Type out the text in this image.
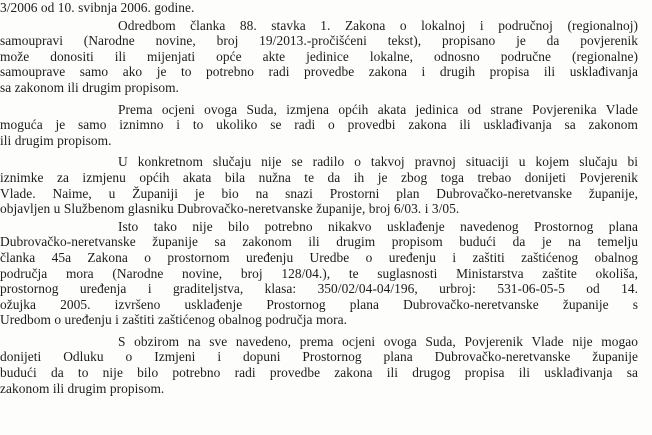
3/2006 od 10. svibnja 2006. godine.
Odredbom članka 88. stavka 1. Zakona o lokalnoj i područnoj (regionalnoj)
samoupravi (Narodne novine, broj 19/2013.-pročišćeni tekst), propisano je da povjerenik
može donositi ili mijenjati opće akte jedinice lokalne, odnosno područne (regionalne)
samouprave samo ako je to potrebno radi provedbe zakona i drugih propisa ili usklađivanja
sa zakonom ili drugim propisom.
Prema ocjeni ovoga Suda, izmjena općih akata jedinica od strane Povjerenika Vlade
moguća je samo iznimno i to ukoliko se radi o provedbi zakona ili usklađivanja sa zakonom
ili drugim propisom.
U konkretnom slučaju nije se radilo o takvoj pravnoj situaciji u kojem slučaju bi
iznimke za izmjenu općih akata bila nužna te da ih je zbog toga trebao donijeti Povjerenik
Vlade. Naime, u Županiji je bio na snazi Prostorni plan Dubrovačko-neretvanske županije,
objavljen u Službenom glasniku Dubrovačko-neretvanske županije, broj 6/03. i 3/05.
Isto tako nije bilo potrebno nikakvo usklađenje navedenog Prostornog plana
Dubrovačko-neretvanske županije sa zakonom ili drugim propisom budući da je na temelju
članka 45a Zakona o prostornom uređenju Uredbe o uređenju i zaštiti zaštićenog obalnog
područja mora (Narodne novine, broj 128/04.), te suglasnosti Ministarstva zaštite okoliša,
prostornog uređenja i graditeljstva, klasa: 350/02/04-04/196, urbroj: 531-06-05-5 od 14.
ožujka 2005. izvršeno usklađenje Prostornog plana Dubrovačko-neretvanske županije s
Uredbom o uređenju i zaštiti zaštićenog obalnog područja mora.
S obzirom na sve navedeno, prema ocjeni ovoga Suda, Povjerenik Vlade nije mogao
donijeti Odluku o Izmjeni i dopuni Prostornog plana Dubrovačko-neretvanske županije
budući da to nije bilo potrebno radi provedbe zakona ili drugog propisa ili usklađivanja sa
zakonom ili drugim propisom.
